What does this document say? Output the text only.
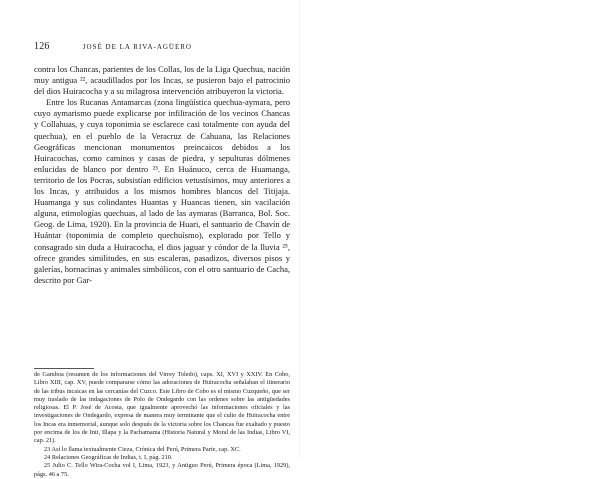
126	JOSÉ DE LA RIVA-AGÜERO

contra los Chancas, parientes de los Collas, los de la Liga Quechua, nación muy antigua ²², acaudillados por los Incas, se pusieron bajo el patrocinio del dios Huiracocha y a su milagrosa intervención atribuyeron la victoria.

Entre los Rucanas Antamarcas (zona lingüística quechua-aymara, pero cuyo aymarismo puede explicarse por infiltración de los vecinos Chancas y Collahuas, y cuya toponimia se esclarece casi totalmente con ayuda del quechua), en el pueblo de la Veracruz de Cahuana, las Relaciones Geográficas mencionan monumentos preincaicos debidos a los Huiracochas, como caminos y casas de piedra, y sepulturas dólmenes enlucidas de blanco por dentro ²³. En Huánuco, cerca de Huamanga, territorio de los Pocras, subsistían edificios vetustísimos, muy anteriores a los Incas, y atribuidos a los mismos hombres blancos del Titijaja. Huamanga y sus colindantes Huantas y Huancas tienen, sin vacilación alguna, etimologías quechuas, al lado de las aymaras (Barranca, Bol. Soc. Geog. de Lima, 1920). En la provincia de Huari, el santuario de Chavín de Huántar (toponimia de completo quechuísmo), explorado por Tello y consagrado sin duda a Huiracocha, el dios jaguar y cóndor de la lluvia ²⁵, ofrece grandes similitudes, en sus escaleras, pasadizos, diversos pisos y galerías, hornacinas y animales simbólicos, con el otro santuario de Cacha, descrito por Gar-

de Gamboa (resumen de los informaciones del Virrey Toledo), caps. XI, XVI y XXIV. En Cobo, Libro XIII, cap. XV, puede compararse cómo las adoraciones de Huiracocha señalaban el itinerario de las tribus incaicas en las cercanías del Cuzco. Este Libro de Cobo es el mismo Cuzqueño, que ser muy traslado de las indagaciones de Polo de Ondegardo con las ordenes sobre las antigüedades religiosas. El P. José de Acosta, que igualmente aprovechó las informaciones oficiales y las investigaciones de Ondegardo, expresa de manera muy terminante que el culto de Huiracocha entre los Incas era inmemorial, aunque solo después de la victoria sobre los Chancas fue exaltado y puesto por encima de los de Inti, Illapa y la Pachamama (Historia Natural y Moral de las Indias, Libro VI, cap. 21).

23 Así lo llama textualmente Cieza, Crónica del Perú, Primera Parte, cap. XC.

24 Relaciones Geográficas de Indias, t. I, pág. 210.

25 Julio C. Tello Wira-Cocha vol I, Lima, 1923, y Antiguo Perú, Primera época (Lima, 1929), págs. 46 a 75.
